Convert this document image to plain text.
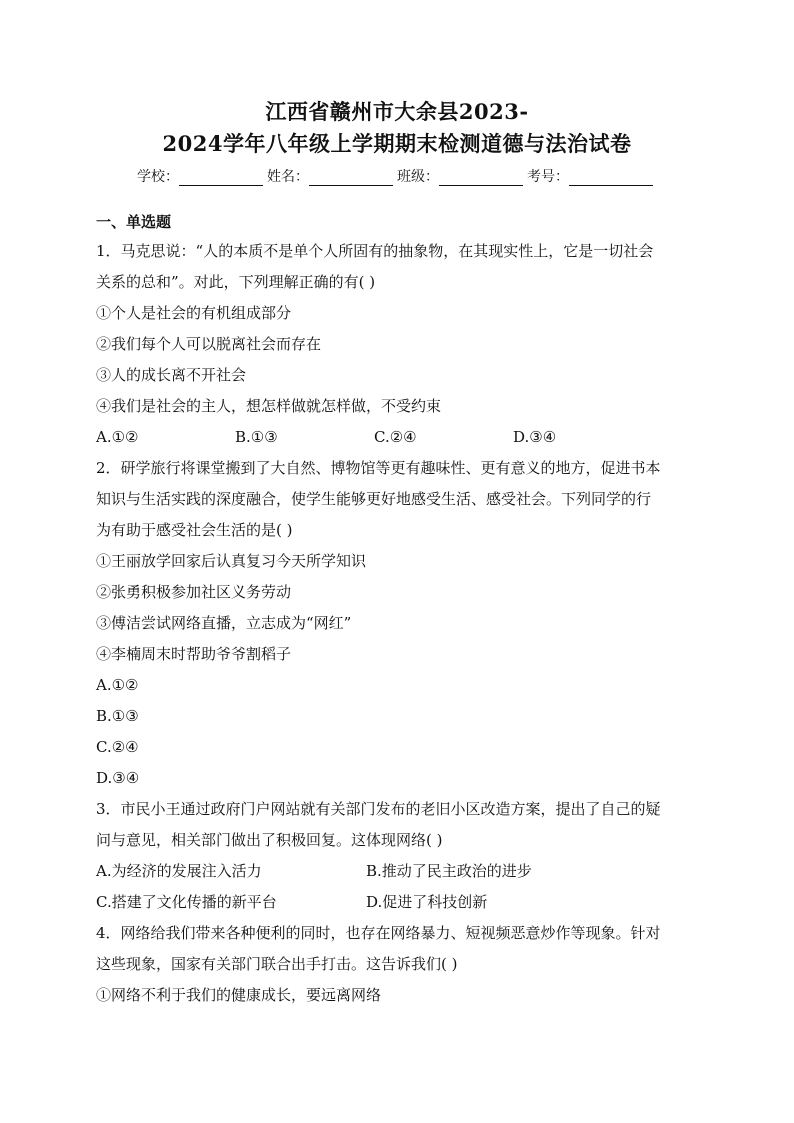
江西省赣州市大余县2023-
2024学年八年级上学期期末检测道德与法治试卷
学校：	姓名：	班级：	考号：
一、单选题

1．马克思说：“人的本质不是单个人所固有的抽象物，在其现实性上，它是一切社会

关系的总和”。对此，下列理解正确的有( )

①个人是社会的有机组成部分

②我们每个人可以脱离社会而存在

③人的成长离不开社会

④我们是社会的主人，想怎样做就怎样做，不受约束

A.①②	B.①③	C.②④	D.③④

2．研学旅行将课堂搬到了大自然、博物馆等更有趣味性、更有意义的地方，促进书本

知识与生活实践的深度融合，使学生能够更好地感受生活、感受社会。下列同学的行

为有助于感受社会生活的是( )

①王丽放学回家后认真复习今天所学知识

②张勇积极参加社区义务劳动

③傅洁尝试网络直播，立志成为“网红”

④李楠周末时帮助爷爷割稻子

A.①②

B.①③

C.②④

D.③④

3．市民小王通过政府门户网站就有关部门发布的老旧小区改造方案，提出了自己的疑

问与意见，相关部门做出了积极回复。这体现网络( )

A.为经济的发展注入活力	B.推动了民主政治的进步
C.搭建了文化传播的新平台	D.促进了科技创新

4．网络给我们带来各种便利的同时，也存在网络暴力、短视频恶意炒作等现象。针对

这些现象，国家有关部门联合出手打击。这告诉我们( )

①网络不利于我们的健康成长，要远离网络
